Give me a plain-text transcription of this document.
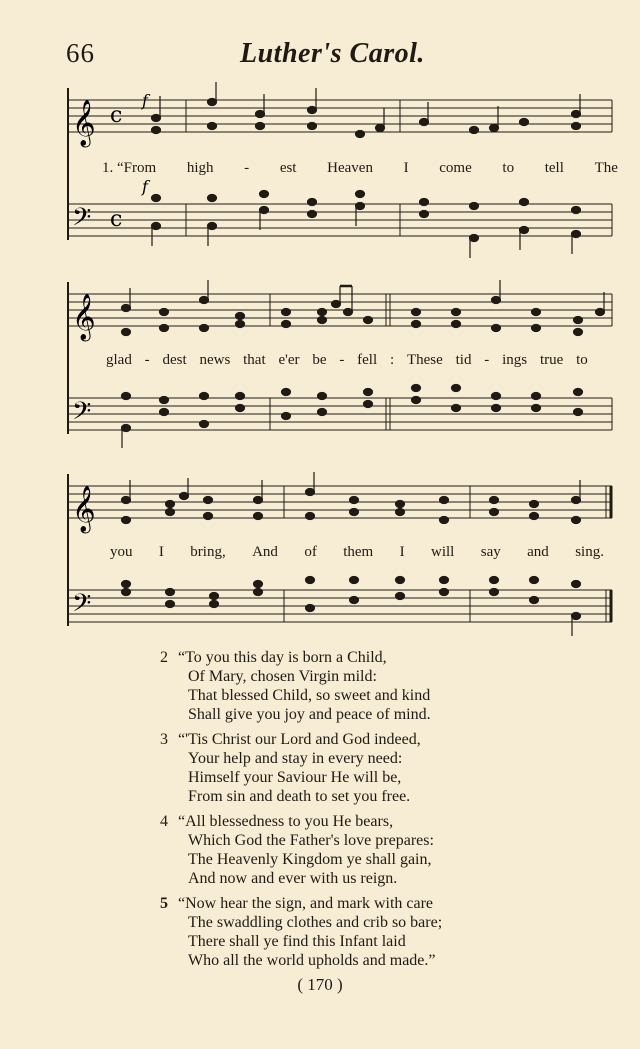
66	Luther's Carol.
𝄞
𝄢
c
c
f
f
1. “From high - est Heaven I come to tell The
𝄞
𝄢
glad - dest news that e'er be - fell : These tid - ings true to
𝄞
𝄢
you I bring, And of them I will say and sing.
2 “To you this day is born a Child,
Of Mary, chosen Virgin mild:
That blessed Child, so sweet and kind
Shall give you joy and peace of mind.
3 “'Tis Christ our Lord and God indeed,
Your help and stay in every need:
Himself your Saviour He will be,
From sin and death to set you free.
4 “All blessedness to you He bears,
Which God the Father's love prepares:
The Heavenly Kingdom ye shall gain,
And now and ever with us reign.
5 “Now hear the sign, and mark with care
The swaddling clothes and crib so bare;
There shall ye find this Infant laid
Who all the world upholds and made.”
( 170 )
